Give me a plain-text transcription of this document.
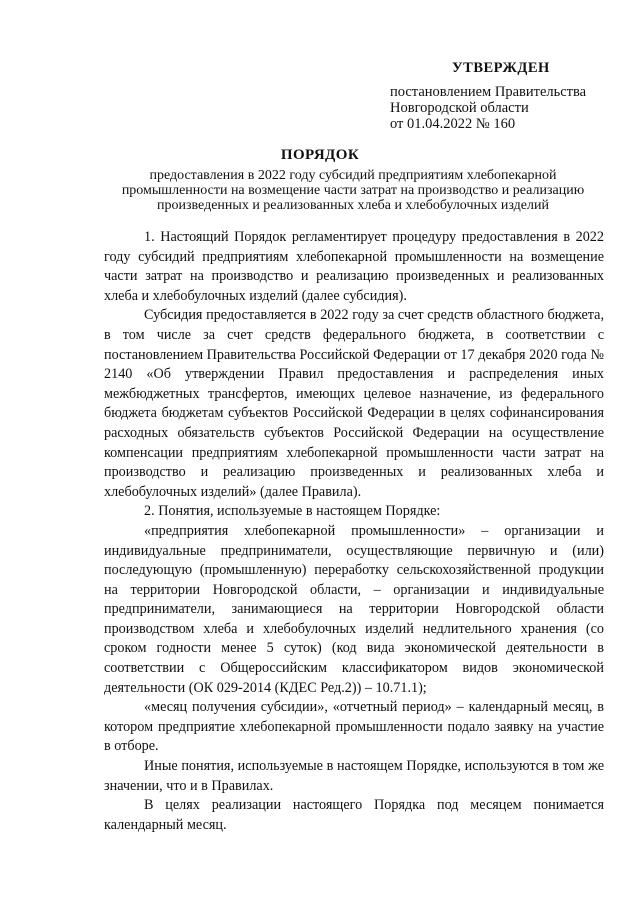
УТВЕРЖДЕН
постановлением Правительства
Новгородской области
от 01.04.2022 № 160
ПОРЯДОК
предоставления в 2022 году субсидий предприятиям хлебопекарной
промышленности на возмещение части затрат на производство и реализацию
произведенных и реализованных хлеба и хлебобулочных изделий

1. Настоящий Порядок регламентирует процедуру предоставления в 2022 году субсидий предприятиям хлебопекарной промышленности на возмещение части затрат на производство и реализацию произведенных и реализованных хлеба и хлебобулочных изделий (далее субсидия).

Субсидия предоставляется в 2022 году за счет средств областного бюджета, в том числе за счет средств федерального бюджета, в соответствии с постановлением Правительства Российской Федерации от 17 декабря 2020 года № 2140 «Об утверждении Правил предоставления и распределения иных межбюджетных трансфертов, имеющих целевое назначение, из федерального бюджета бюджетам субъектов Российской Федерации в целях софинансирования расходных обязательств субъектов Российской Федерации на осуществление компенсации предприятиям хлебопекарной промышленности части затрат на производство и реализацию произведенных и реализованных хлеба и хлебобулочных изделий» (далее Правила).

2. Понятия, используемые в настоящем Порядке:

«предприятия хлебопекарной промышленности» – организации и индивидуальные предприниматели, осуществляющие первичную и (или) последующую (промышленную) переработку сельскохозяйственной продукции на территории Новгородской области, – организации и индивидуальные предприниматели, занимающиеся на территории Новгородской области производством хлеба и хлебобулочных изделий недлительного хранения (со сроком годности менее 5 суток) (код вида экономической деятельности в соответствии с Общероссийским классификатором видов экономической деятельности (ОК 029-2014 (КДЕС Ред.2)) – 10.71.1);

«месяц получения субсидии», «отчетный период» – календарный месяц, в котором предприятие хлебопекарной промышленности подало заявку на участие в отборе.

Иные понятия, используемые в настоящем Порядке, используются в том же значении, что и в Правилах.

В целях реализации настоящего Порядка под месяцем понимается календарный месяц.
